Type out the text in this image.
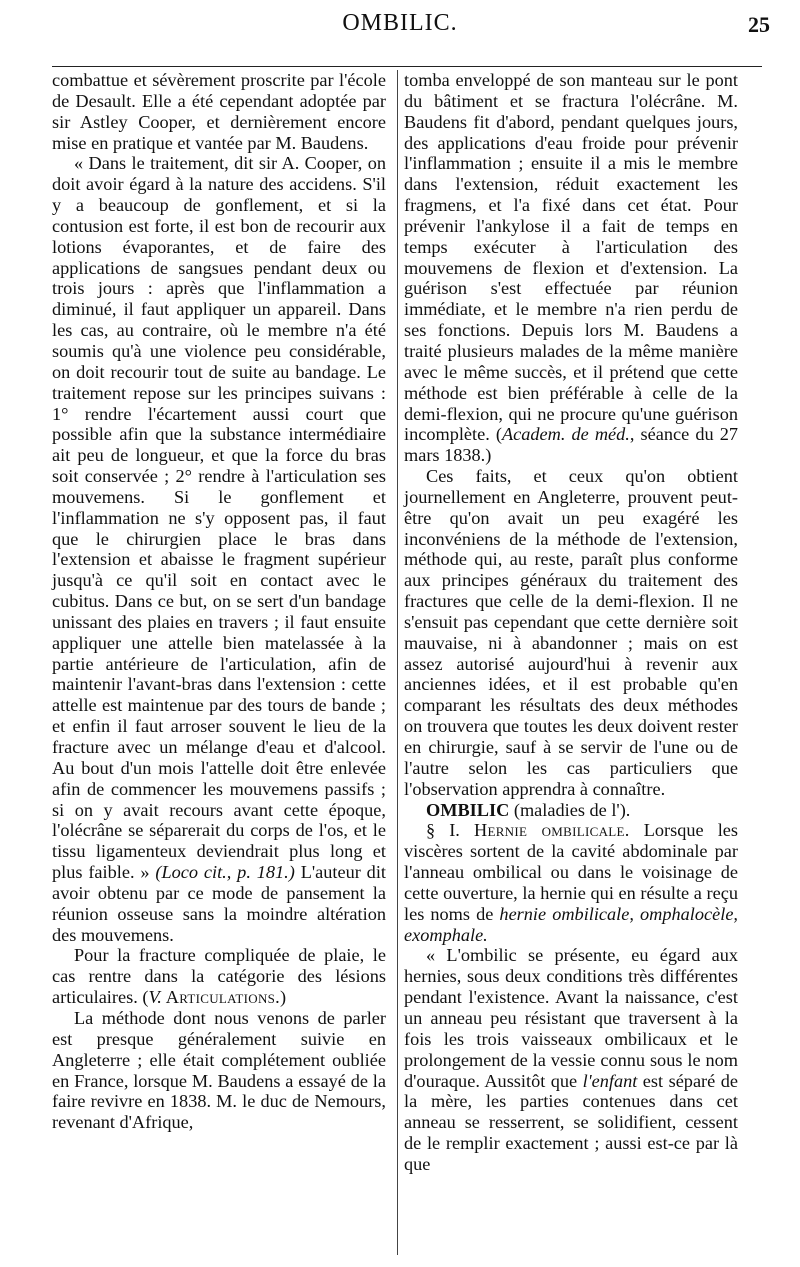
OMBILIC.	25

combattue et sévèrement proscrite par l'école de Desault. Elle a été cependant adoptée par sir Astley Cooper, et dernièrement encore mise en pratique et vantée par M. Baudens.

« Dans le traitement, dit sir A. Cooper, on doit avoir égard à la nature des accidens. S'il y a beaucoup de gonflement, et si la contusion est forte, il est bon de recourir aux lotions évaporantes, et de faire des applications de sangsues pendant deux ou trois jours : après que l'inflammation a diminué, il faut appliquer un appareil. Dans les cas, au contraire, où le membre n'a été soumis qu'à une violence peu considérable, on doit recourir tout de suite au bandage. Le traitement repose sur les principes suivans : 1° rendre l'écartement aussi court que possible afin que la substance intermédiaire ait peu de longueur, et que la force du bras soit conservée ; 2° rendre à l'articulation ses mouvemens. Si le gonflement et l'inflammation ne s'y opposent pas, il faut que le chirurgien place le bras dans l'extension et abaisse le fragment supérieur jusqu'à ce qu'il soit en contact avec le cubitus. Dans ce but, on se sert d'un bandage unissant des plaies en travers ; il faut ensuite appliquer une attelle bien matelassée à la partie antérieure de l'articulation, afin de maintenir l'avant-bras dans l'extension : cette attelle est maintenue par des tours de bande ; et enfin il faut arroser souvent le lieu de la fracture avec un mélange d'eau et d'alcool. Au bout d'un mois l'attelle doit être enlevée afin de commencer les mouvemens passifs ; si on y avait recours avant cette époque, l'olécrâne se séparerait du corps de l'os, et le tissu ligamenteux deviendrait plus long et plus faible. » (Loco cit., p. 181.) L'auteur dit avoir obtenu par ce mode de pansement la réunion osseuse sans la moindre altération des mouvemens.

Pour la fracture compliquée de plaie, le cas rentre dans la catégorie des lésions articulaires. (V. Articulations.)

La méthode dont nous venons de parler est presque généralement suivie en Angleterre ; elle était complétement oubliée en France, lorsque M. Baudens a essayé de la faire revivre en 1838. M. le duc de Nemours, revenant d'Afrique,

tomba enveloppé de son manteau sur le pont du bâtiment et se fractura l'olécrâne. M. Baudens fit d'abord, pendant quelques jours, des applications d'eau froide pour prévenir l'inflammation ; ensuite il a mis le membre dans l'extension, réduit exactement les fragmens, et l'a fixé dans cet état. Pour prévenir l'ankylose il a fait de temps en temps exécuter à l'articulation des mouvemens de flexion et d'extension. La guérison s'est effectuée par réunion immédiate, et le membre n'a rien perdu de ses fonctions. Depuis lors M. Baudens a traité plusieurs malades de la même manière avec le même succès, et il prétend que cette méthode est bien préférable à celle de la demi-flexion, qui ne procure qu'une guérison incomplète. (Academ. de méd., séance du 27 mars 1838.)

Ces faits, et ceux qu'on obtient journellement en Angleterre, prouvent peut-être qu'on avait un peu exagéré les inconvéniens de la méthode de l'extension, méthode qui, au reste, paraît plus conforme aux principes généraux du traitement des fractures que celle de la demi-flexion. Il ne s'ensuit pas cependant que cette dernière soit mauvaise, ni à abandonner ; mais on est assez autorisé aujourd'hui à revenir aux anciennes idées, et il est probable qu'en comparant les résultats des deux méthodes on trouvera que toutes les deux doivent rester en chirurgie, sauf à se servir de l'une ou de l'autre selon les cas particuliers que l'observation apprendra à connaître.

OMBILIC (maladies de l').

§ I. Hernie ombilicale. Lorsque les viscères sortent de la cavité abdominale par l'anneau ombilical ou dans le voisinage de cette ouverture, la hernie qui en résulte a reçu les noms de hernie ombilicale, omphalocèle, exomphale.

« L'ombilic se présente, eu égard aux hernies, sous deux conditions très différentes pendant l'existence. Avant la naissance, c'est un anneau peu résistant que traversent à la fois les trois vaisseaux ombilicaux et le prolongement de la vessie connu sous le nom d'ouraque. Aussitôt que l'enfant est séparé de la mère, les parties contenues dans cet anneau se resserrent, se solidifient, cessent de le remplir exactement ; aussi est-ce par là que
